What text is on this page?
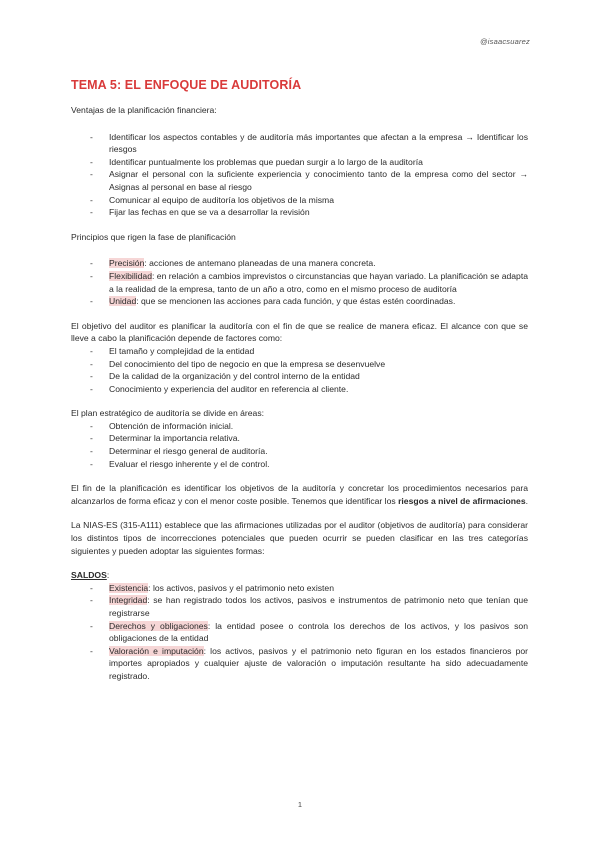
@isaacsuarez
TEMA 5: EL ENFOQUE DE AUDITORÍA

Ventajas de la planificación financiera:

- Identificar los aspectos contables y de auditoría más importantes que afectan a la empresa → Identificar los riesgos
- Identificar puntualmente los problemas que puedan surgir a lo largo de la auditoría
- Asignar el personal con la suficiente experiencia y conocimiento tanto de la empresa como del sector → Asignas al personal en base al riesgo
- Comunicar al equipo de auditoría los objetivos de la misma
- Fijar las fechas en que se va a desarrollar la revisión

Principios que rigen la fase de planificación

- Precisión: acciones de antemano planeadas de una manera concreta.
- Flexibilidad: en relación a cambios imprevistos o circunstancias que hayan variado. La planificación se adapta a la realidad de la empresa, tanto de un año a otro, como en el mismo proceso de auditoría
- Unidad: que se mencionen las acciones para cada función, y que éstas estén coordinadas.

El objetivo del auditor es planificar la auditoría con el fin de que se realice de manera eficaz. El alcance con que se lleve a cabo la planificación depende de factores como:

- El tamaño y complejidad de la entidad
- Del conocimiento del tipo de negocio en que la empresa se desenvuelve
- De la calidad de la organización y del control interno de la entidad
- Conocimiento y experiencia del auditor en referencia al cliente.

El plan estratégico de auditoría se divide en áreas:

- Obtención de información inicial.
- Determinar la importancia relativa.
- Determinar el riesgo general de auditoría.
- Evaluar el riesgo inherente y el de control.

El fin de la planificación es identificar los objetivos de la auditoría y concretar los procedimientos necesarios para alcanzarlos de forma eficaz y con el menor coste posible. Tenemos que identificar los riesgos a nivel de afirmaciones.

La NIAS-ES (315-A111) establece que las afirmaciones utilizadas por el auditor (objetivos de auditoría) para considerar los distintos tipos de incorrecciones potenciales que pueden ocurrir se pueden clasificar en las tres categorías siguientes y pueden adoptar las siguientes formas:

SALDOS:

- Existencia: los activos, pasivos y el patrimonio neto existen
- Integridad: se han registrado todos los activos, pasivos e instrumentos de patrimonio neto que tenían que registrarse
- Derechos y obligaciones: la entidad posee o controla los derechos de los activos, y los pasivos son obligaciones de la entidad
- Valoración e imputación: los activos, pasivos y el patrimonio neto figuran en los estados financieros por importes apropiados y cualquier ajuste de valoración o imputación resultante ha sido adecuadamente registrado.
1
